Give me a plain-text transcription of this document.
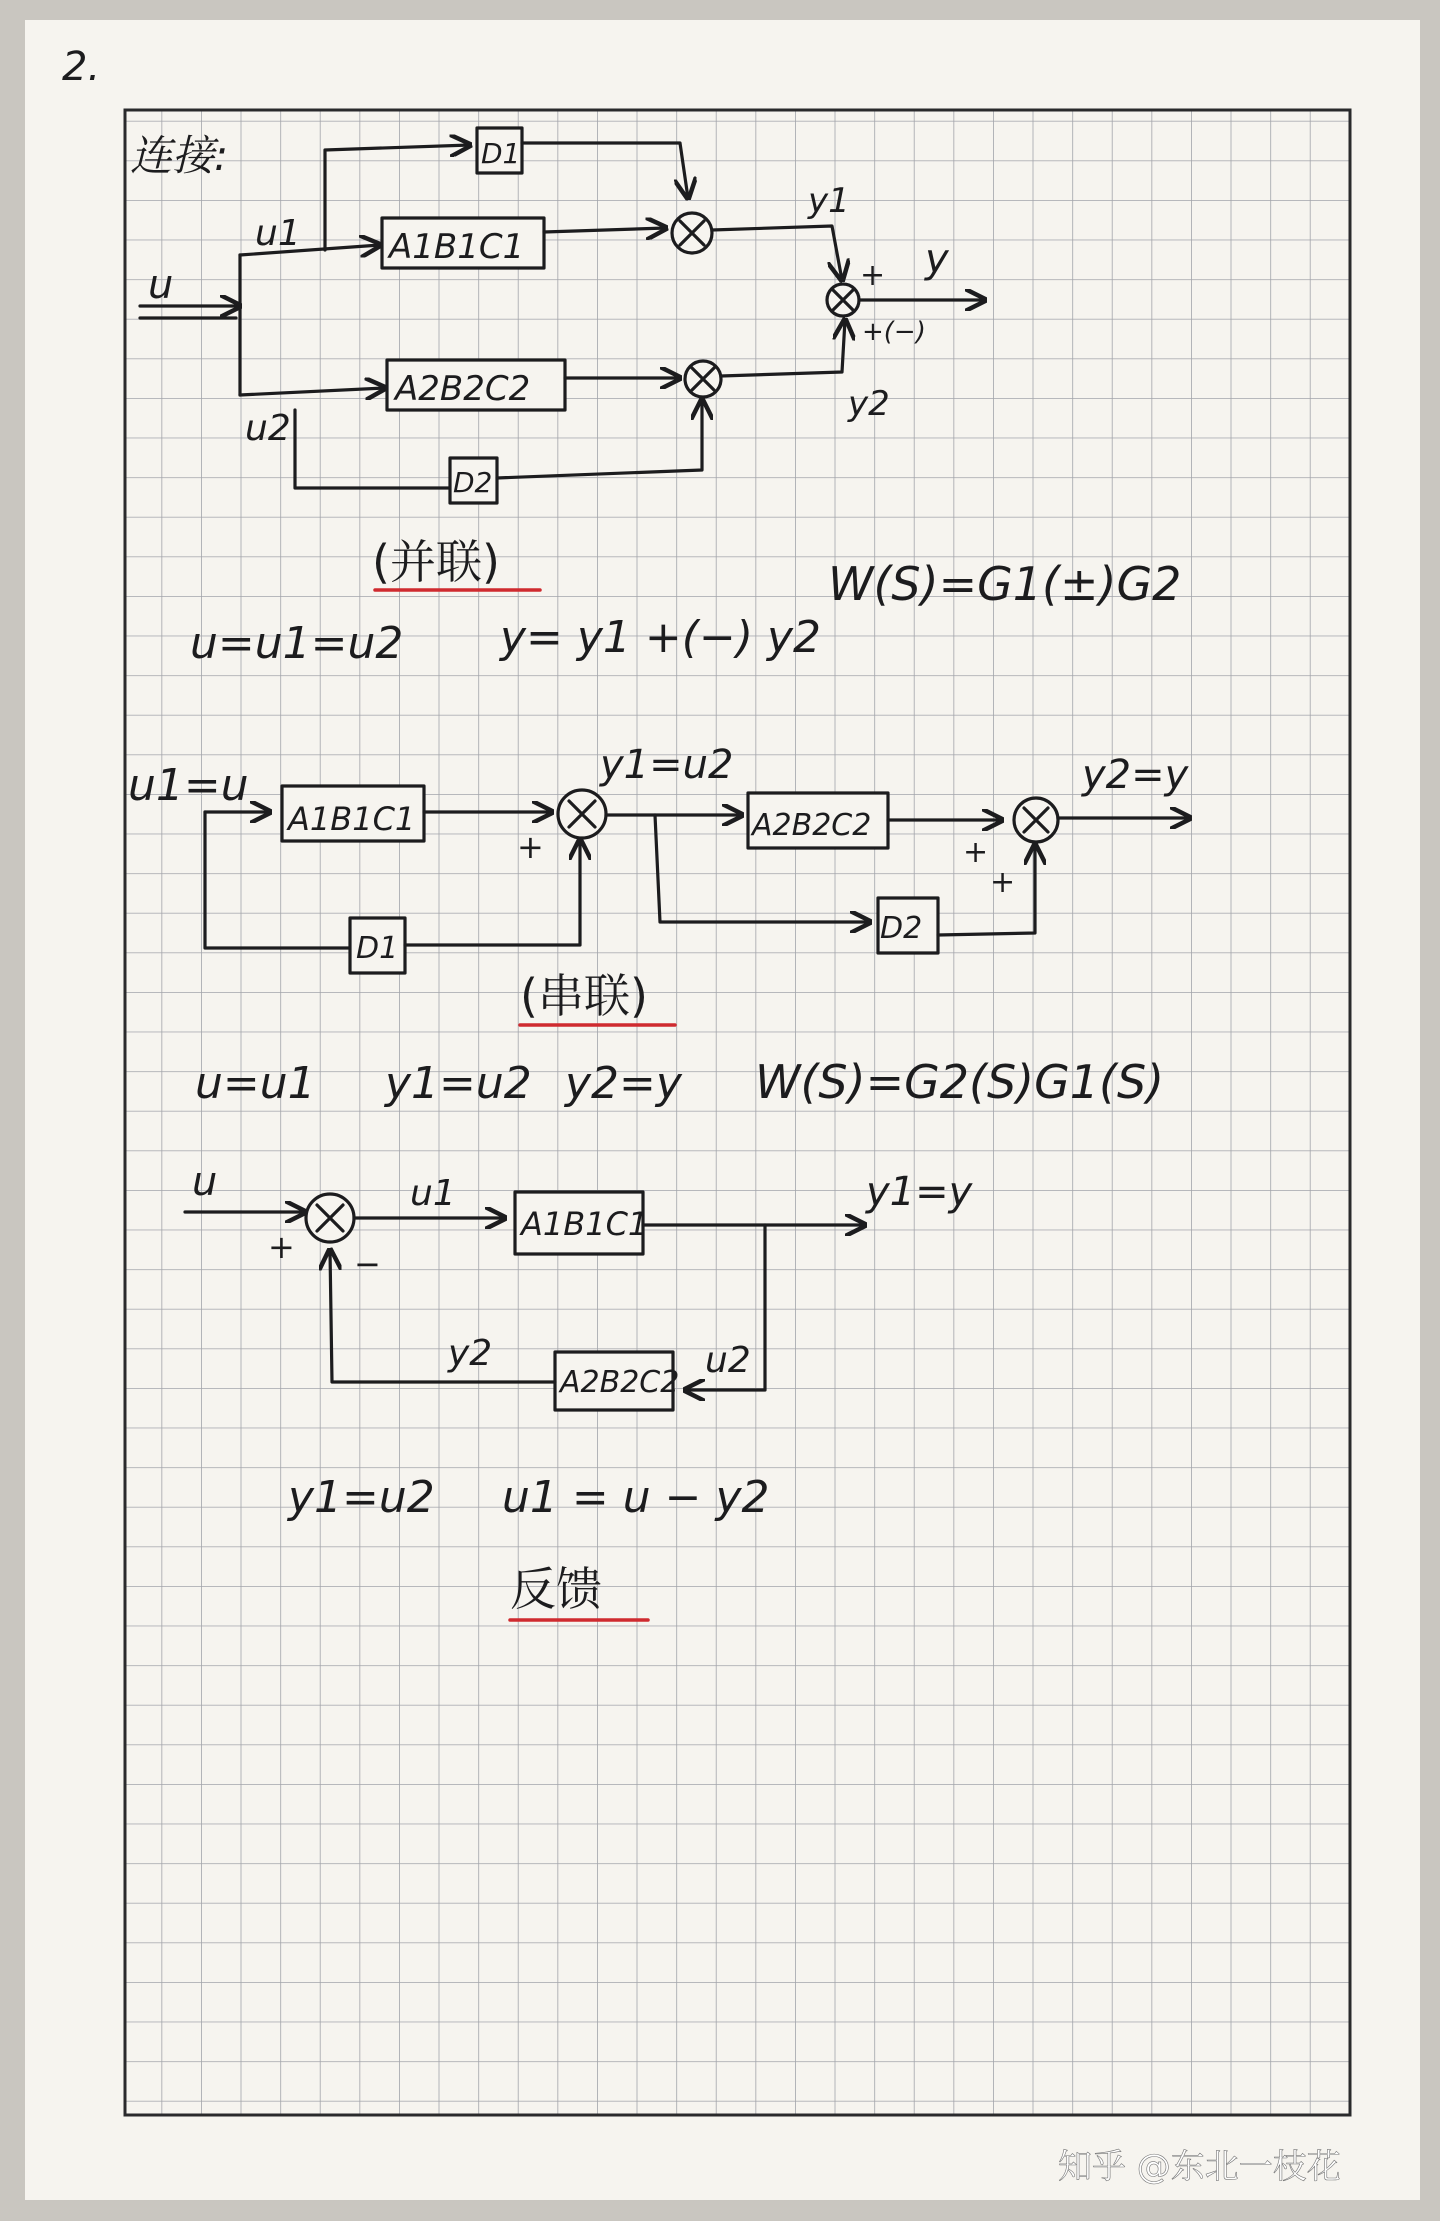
2.
连接:
u
u1
u2
D1
A1B1C1
A2B2C2
D2
y1
y
y2
+
+(−)
(并联)
u=u1=u2 y= y1 +(−) y2
W(S)=G1(±)G2
u1=u
A1B1C1
D1
y1=u2
A2B2C2
D2
y2=y
+	+
+
(串联)
u=u1 y1=u2 y2=y W(S)=G2(S)G1(S)
u	u1
A1B1C1
y1=y
A2B2C2
y2	u2
+ −
y1=u2 u1 = u − y2
反馈
知乎 @东北一枝花
